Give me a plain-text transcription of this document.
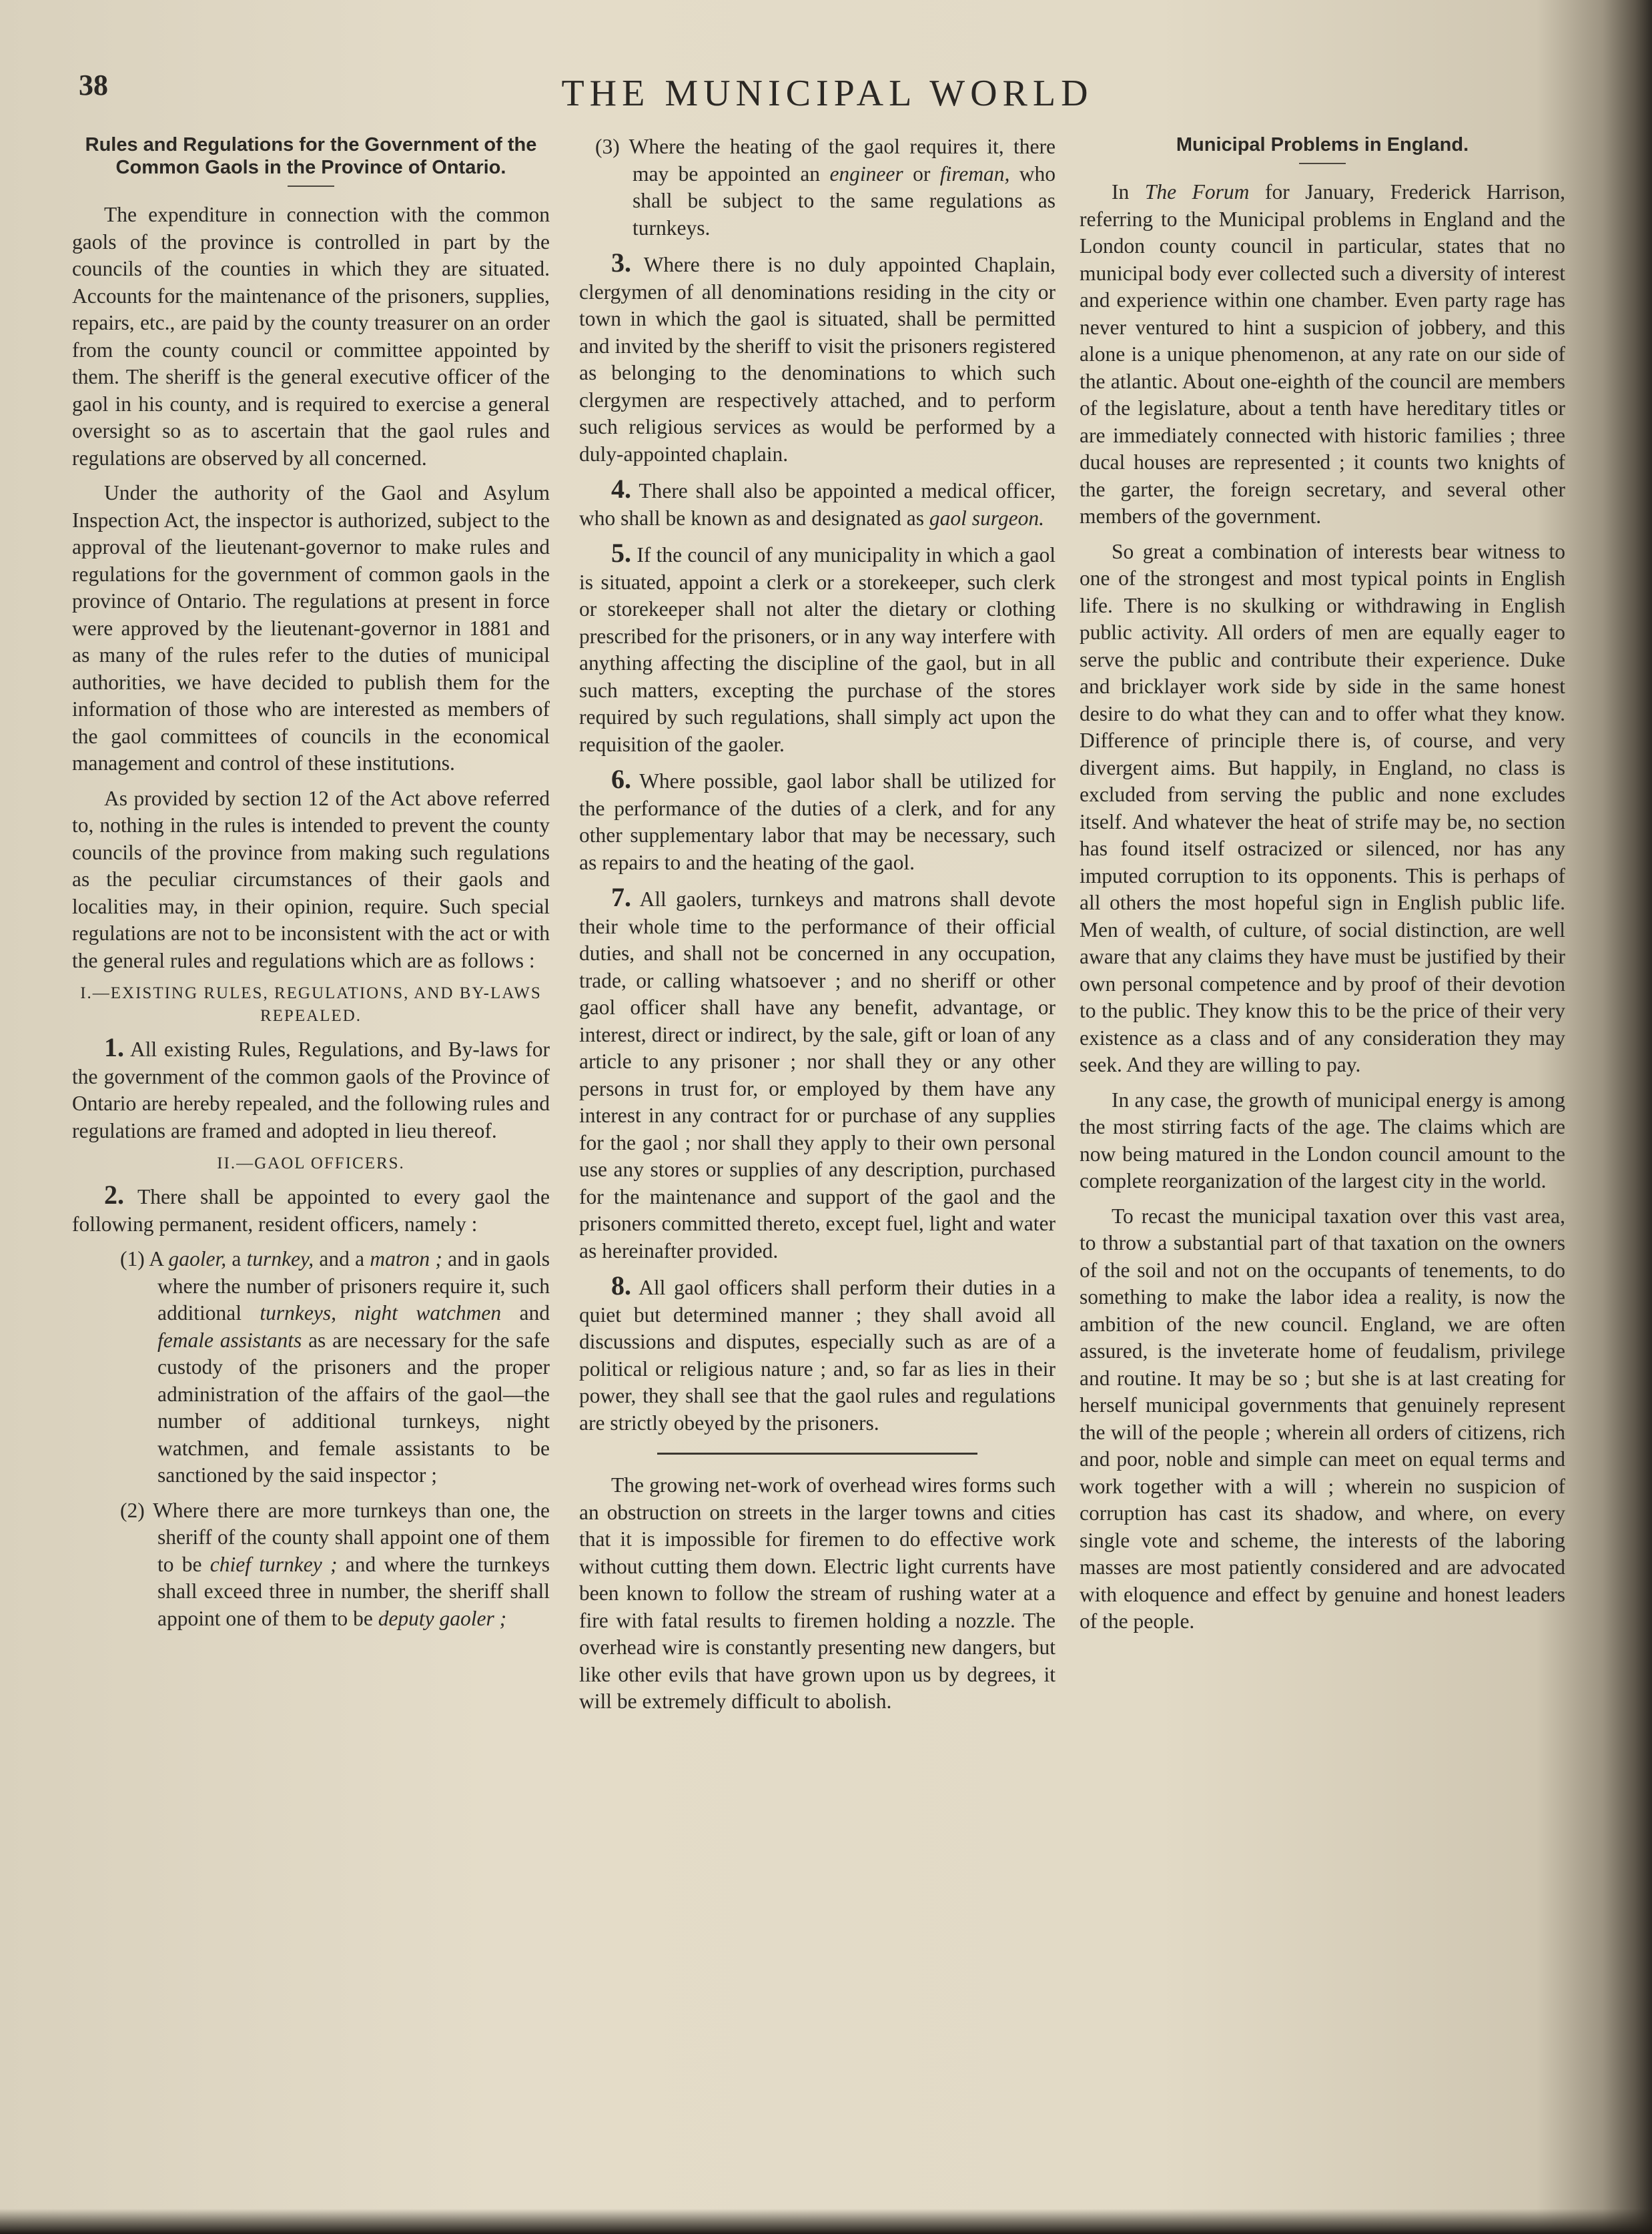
38	THE MUNICIPAL WORLD
Rules and Regulations for the Government of the Common Gaols in the Province of Ontario.

The expenditure in connection with the common gaols of the province is controlled in part by the councils of the counties in which they are situated. Accounts for the maintenance of the prisoners, supplies, repairs, etc., are paid by the county treasurer on an order from the county council or committee appointed by them. The sheriff is the general executive officer of the gaol in his county, and is required to exercise a general oversight so as to ascertain that the gaol rules and regulations are observed by all concerned.

Under the authority of the Gaol and Asylum Inspection Act, the inspector is authorized, subject to the approval of the lieutenant-governor to make rules and regulations for the government of common gaols in the province of Ontario. The regulations at present in force were approved by the lieutenant-governor in 1881 and as many of the rules refer to the duties of municipal authorities, we have decided to publish them for the information of those who are interested as members of the gaol committees of councils in the economical management and control of these institutions.

As provided by section 12 of the Act above referred to, nothing in the rules is intended to prevent the county councils of the province from making such regulations as the peculiar circumstances of their gaols and localities may, in their opinion, require. Such special regulations are not to be inconsistent with the act or with the general rules and regulations which are as follows :

I.—EXISTING RULES, REGULATIONS, AND BY-LAWS REPEALED.

1. All existing Rules, Regulations, and By-laws for the government of the common gaols of the Province of Ontario are hereby repealed, and the following rules and regulations are framed and adopted in lieu thereof.

II.—GAOL OFFICERS.

2. There shall be appointed to every gaol the following permanent, resident officers, namely :

(1) A gaoler, a turnkey, and a matron ; and in gaols where the number of prisoners require it, such additional turnkeys, night watchmen and female assistants as are necessary for the safe custody of the prisoners and the proper administration of the affairs of the gaol—the number of additional turnkeys, night watchmen, and female assistants to be sanctioned by the said inspector ;

(2) Where there are more turnkeys than one, the sheriff of the county shall appoint one of them to be chief turnkey ; and where the turnkeys shall exceed three in number, the sheriff shall appoint one of them to be deputy gaoler ;

(3) Where the heating of the gaol requires it, there may be appointed an engineer or fireman, who shall be subject to the same regulations as turnkeys.

3. Where there is no duly appointed Chaplain, clergymen of all denominations residing in the city or town in which the gaol is situated, shall be permitted and invited by the sheriff to visit the prisoners registered as belonging to the denominations to which such clergymen are respectively attached, and to perform such religious services as would be performed by a duly-appointed chaplain.

4. There shall also be appointed a medical officer, who shall be known as and designated as gaol surgeon.

5. If the council of any municipality in which a gaol is situated, appoint a clerk or a storekeeper, such clerk or storekeeper shall not alter the dietary or clothing prescribed for the prisoners, or in any way interfere with anything affecting the discipline of the gaol, but in all such matters, excepting the purchase of the stores required by such regulations, shall simply act upon the requisition of the gaoler.

6. Where possible, gaol labor shall be utilized for the performance of the duties of a clerk, and for any other supplementary labor that may be necessary, such as repairs to and the heating of the gaol.

7. All gaolers, turnkeys and matrons shall devote their whole time to the performance of their official duties, and shall not be concerned in any occupation, trade, or calling whatsoever ; and no sheriff or other gaol officer shall have any benefit, advantage, or interest, direct or indirect, by the sale, gift or loan of any article to any prisoner ; nor shall they or any other persons in trust for, or employed by them have any interest in any contract for or purchase of any supplies for the gaol ; nor shall they apply to their own personal use any stores or supplies of any description, purchased for the maintenance and support of the gaol and the prisoners committed thereto, except fuel, light and water as hereinafter provided.

8. All gaol officers shall perform their duties in a quiet but determined manner ; they shall avoid all discussions and disputes, especially such as are of a political or religious nature ; and, so far as lies in their power, they shall see that the gaol rules and regulations are strictly obeyed by the prisoners.

The growing net-work of overhead wires forms such an obstruction on streets in the larger towns and cities that it is impossible for firemen to do effective work without cutting them down. Electric light currents have been known to follow the stream of rushing water at a fire with fatal results to firemen holding a nozzle. The overhead wire is constantly presenting new dangers, but like other evils that have grown upon us by degrees, it will be extremely difficult to abolish.

Municipal Problems in England.

In The Forum for January, Frederick Harrison, referring to the Municipal problems in England and the London county council in particular, states that no municipal body ever collected such a diversity of interest and experience within one chamber. Even party rage has never ventured to hint a suspicion of jobbery, and this alone is a unique phenomenon, at any rate on our side of the atlantic. About one-eighth of the council are members of the legislature, about a tenth have hereditary titles or are immediately connected with historic families ; three ducal houses are represented ; it counts two knights of the garter, the foreign secretary, and several other members of the government.

So great a combination of interests bear witness to one of the strongest and most typical points in English life. There is no skulking or withdrawing in English public activity. All orders of men are equally eager to serve the public and contribute their experience. Duke and bricklayer work side by side in the same honest desire to do what they can and to offer what they know. Difference of principle there is, of course, and very divergent aims. But happily, in England, no class is excluded from serving the public and none excludes itself. And whatever the heat of strife may be, no section has found itself ostracized or silenced, nor has any imputed corruption to its opponents. This is perhaps of all others the most hopeful sign in English public life. Men of wealth, of culture, of social distinction, are well aware that any claims they have must be justified by their own personal competence and by proof of their devotion to the public. They know this to be the price of their very existence as a class and of any consideration they may seek. And they are willing to pay.

In any case, the growth of municipal energy is among the most stirring facts of the age. The claims which are now being matured in the London council amount to the complete reorganization of the largest city in the world.

To recast the municipal taxation over this vast area, to throw a substantial part of that taxation on the owners of the soil and not on the occupants of tenements, to do something to make the labor idea a reality, is now the ambition of the new council. England, we are often assured, is the inveterate home of feudalism, privilege and routine. It may be so ; but she is at last creating for herself municipal governments that genuinely represent the will of the people ; wherein all orders of citizens, rich and poor, noble and simple can meet on equal terms and work together with a will ; wherein no suspicion of corruption has cast its shadow, and where, on every single vote and scheme, the interests of the laboring masses are most patiently considered and are advocated with eloquence and effect by genuine and honest leaders of the people.
